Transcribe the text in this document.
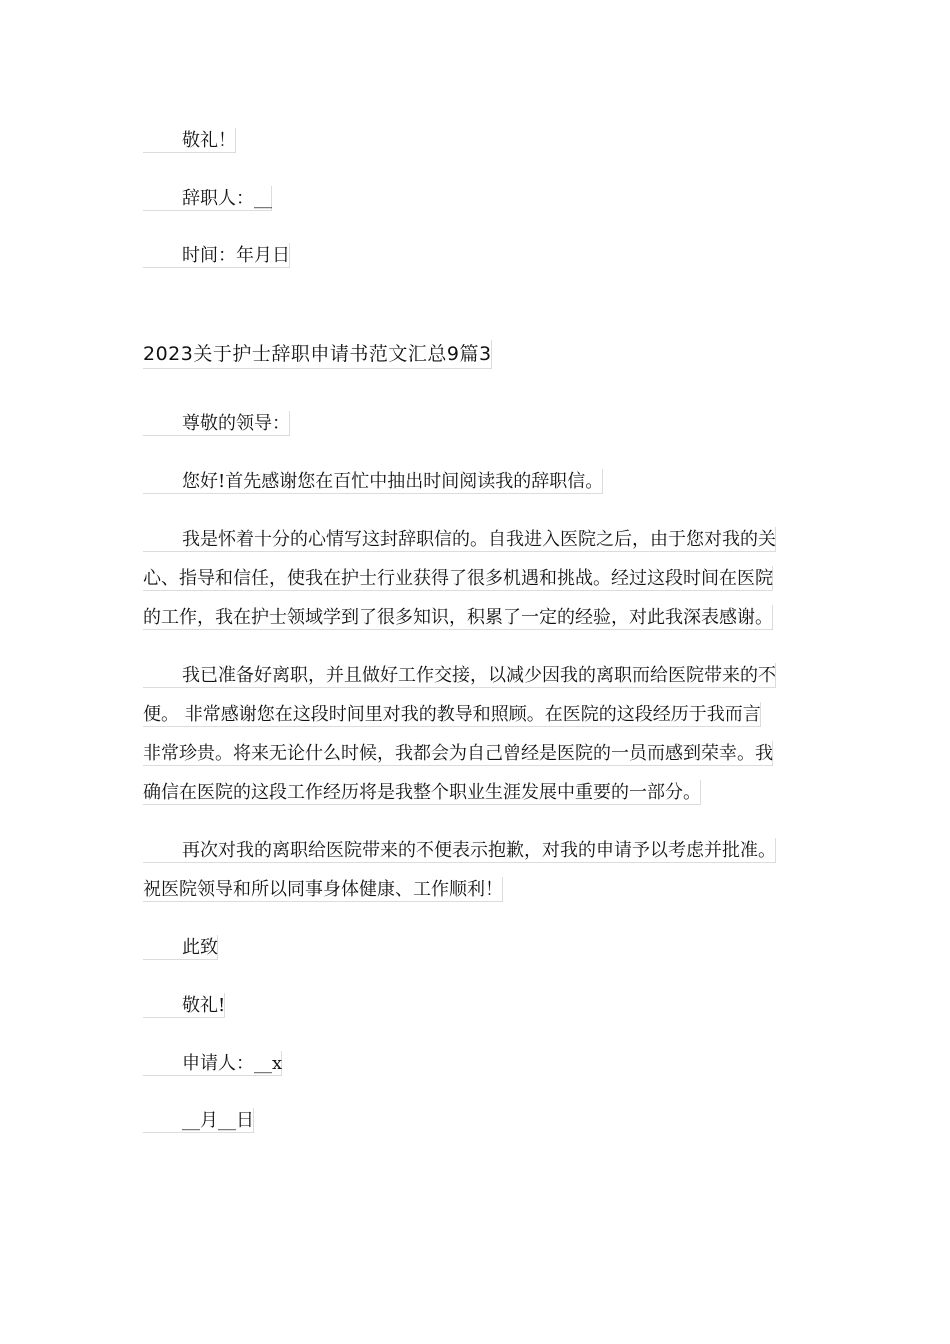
敬礼！
辞职人：__
时间：年月日
2023关于护士辞职申请书范文汇总9篇3
尊敬的领导：
您好!首先感谢您在百忙中抽出时间阅读我的辞职信。
我是怀着十分的心情写这封辞职信的。自我进入医院之后，由于您对我的关
心、指导和信任，使我在护士行业获得了很多机遇和挑战。经过这段时间在医院
的工作，我在护士领域学到了很多知识，积累了一定的经验，对此我深表感谢。
我已准备好离职，并且做好工作交接，以减少因我的离职而给医院带来的不
便。 非常感谢您在这段时间里对我的教导和照顾。在医院的这段经历于我而言
非常珍贵。将来无论什么时候，我都会为自己曾经是医院的一员而感到荣幸。我
确信在医院的这段工作经历将是我整个职业生涯发展中重要的一部分。
再次对我的离职给医院带来的不便表示抱歉，对我的申请予以考虑并批准。
祝医院领导和所以同事身体健康、工作顺利！
此致
敬礼!
申请人：__x
__月__日
